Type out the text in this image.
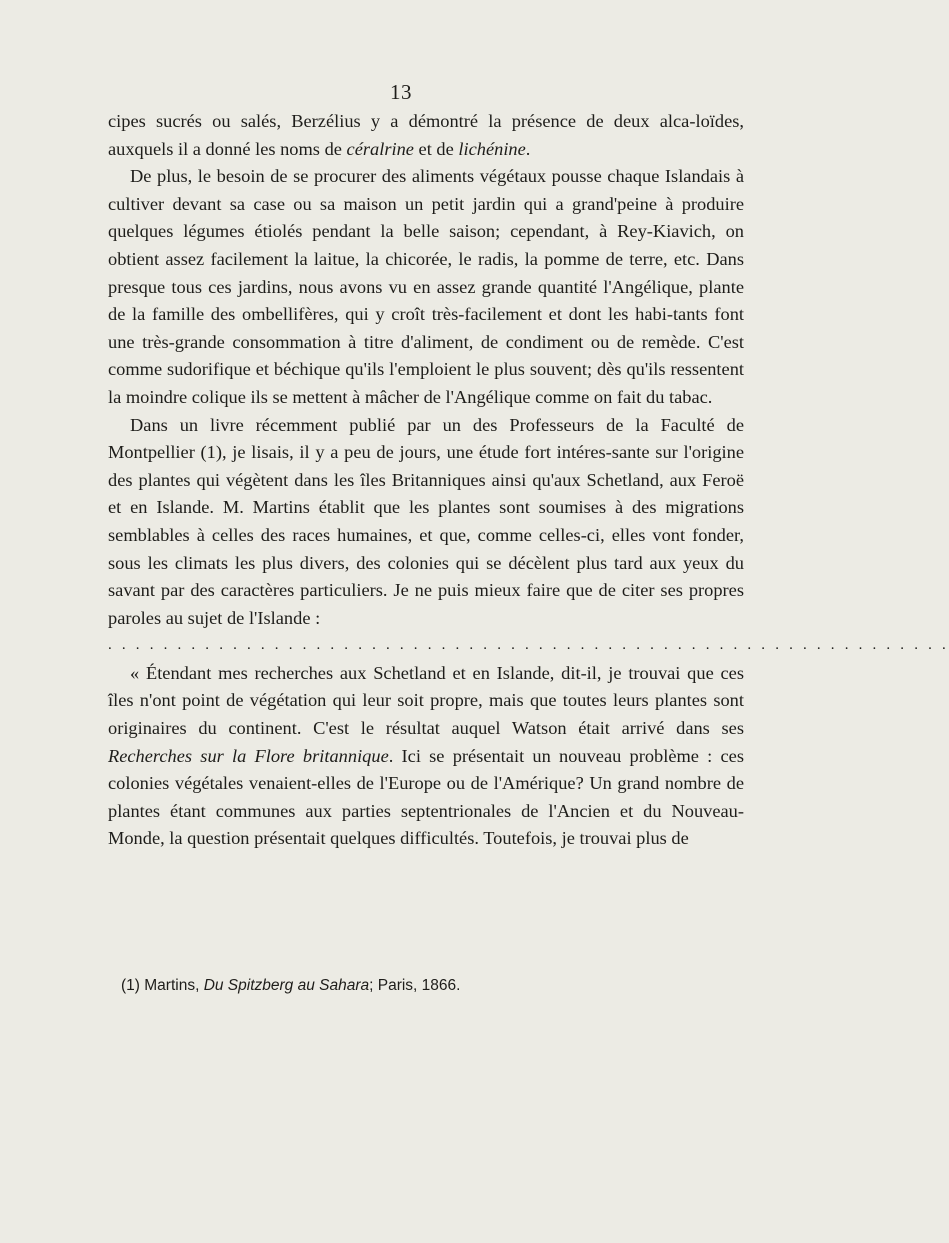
13

cipes sucrés ou salés, Berzélius y a démontré la présence de deux alca-loïdes, auxquels il a donné les noms de céralrine et de lichénine.

De plus, le besoin de se procurer des aliments végétaux pousse chaque Islandais à cultiver devant sa case ou sa maison un petit jardin qui a grand'peine à produire quelques légumes étiolés pendant la belle saison; cependant, à Rey-Kiavich, on obtient assez facilement la laitue, la chicorée, le radis, la pomme de terre, etc. Dans presque tous ces jardins, nous avons vu en assez grande quantité l'Angélique, plante de la famille des ombellifères, qui y croît très-facilement et dont les habi-tants font une très-grande consommation à titre d'aliment, de condiment ou de remède. C'est comme sudorifique et béchique qu'ils l'emploient le plus souvent; dès qu'ils ressentent la moindre colique ils se mettent à mâcher de l'Angélique comme on fait du tabac.

Dans un livre récemment publié par un des Professeurs de la Faculté de Montpellier (1), je lisais, il y a peu de jours, une étude fort intéres-sante sur l'origine des plantes qui végètent dans les îles Britanniques ainsi qu'aux Schetland, aux Feroë et en Islande. M. Martins établit que les plantes sont soumises à des migrations semblables à celles des races humaines, et que, comme celles-ci, elles vont fonder, sous les climats les plus divers, des colonies qui se décèlent plus tard aux yeux du savant par des caractères particuliers. Je ne puis mieux faire que de citer ses propres paroles au sujet de l'Islande :

. . . . . . . . . . . . . . . . . . . . . . . . . . . . . . . . . . . . . . . . . . . . . . . . . . . . . . . . . . . . .

« Étendant mes recherches aux Schetland et en Islande, dit-il, je trouvai que ces îles n'ont point de végétation qui leur soit propre, mais que toutes leurs plantes sont originaires du continent. C'est le résultat auquel Watson était arrivé dans ses Recherches sur la Flore britannique. Ici se présentait un nouveau problème : ces colonies végétales venaient-elles de l'Europe ou de l'Amérique? Un grand nombre de plantes étant communes aux parties septentrionales de l'Ancien et du Nouveau-Monde, la question présentait quelques difficultés. Toutefois, je trouvai plus de

(1) Martins, Du Spitzberg au Sahara; Paris, 1866.
